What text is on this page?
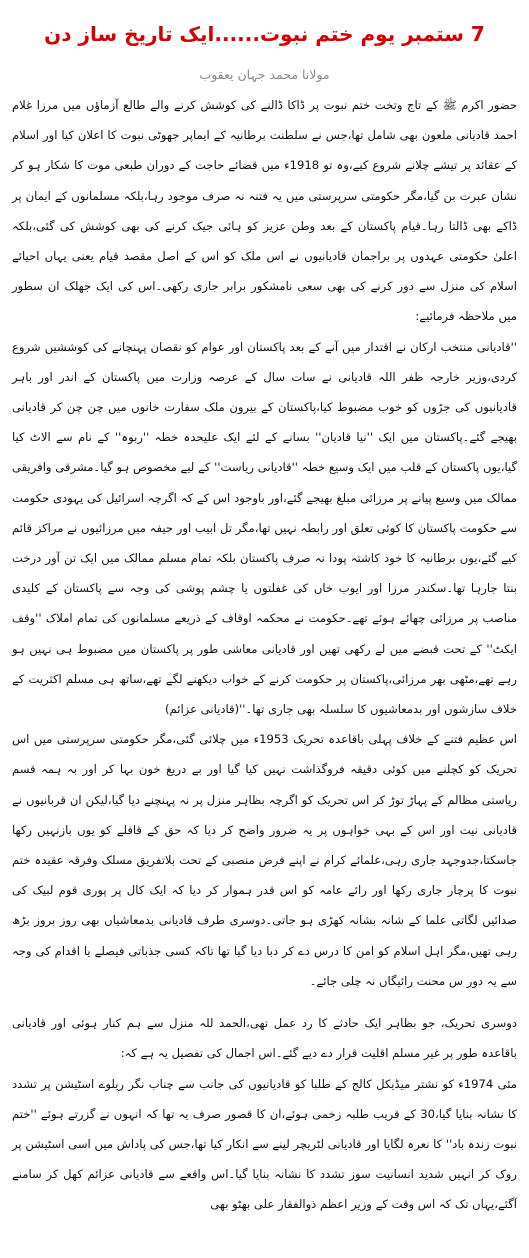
7 ستمبر یوم ختم نبوت......ایک تاریخ ساز دن
مولانا محمد جہان یعقوب

حضور اکرم ﷺ کے تاج وتخت ختم نبوت پر ڈاکا ڈالنے کی کوشش کرنے والے طالع آزماؤں میں مرزا غلام احمد قادیانی ملعون بھی شامل تھا،جس نے سلطنت برطانیہ کے ایماپر جھوٹی نبوت کا اعلان کیا اور اسلام کے عقائد پر تیشے چلانے شروع کیے،وہ تو 1918ء میں قضائے حاجت کے دوران طبعی موت کا شکار ہو کر نشان عبرت بن گیا،مگر حکومتی سرپرستی میں یہ فتنہ نہ صرف موجود رہا،بلکہ مسلمانوں کے ایمان پر ڈاکے بھی ڈالتا رہا۔قیام پاکستان کے بعد وطن عزیز کو ہائی جیک کرنے کی بھی کوشش کی گئی،بلکہ اعلیٰ حکومتی عہدوں پر براجمان قادیانیوں نے اس ملک کو اس کے اصل مقصد قیام یعنی یہاں احیائے اسلام کی منزل سے دور کرنے کی بھی سعی نامشکور برابر جاری رکھی۔اس کی ایک جھلک ان سطور میں ملاحظہ فرمائیے:

''قادیانی منتخب ارکان نے اقتدار میں آنے کے بعد پاکستان اور عوام کو نقصان پہنچانے کی کوششیں شروع کردی،وزیر خارجہ ظفر اللہ قادیانی نے سات سال کے عرصہ وزارت میں پاکستان کے اندر اور باہر قادیانیوں کی جڑوں کو خوب مضبوط کیا،پاکستان کے بیرون ملک سفارت خانوں میں چن چن کر قادیانی بھیجے گئے۔پاکستان میں ایک ''نیا قادیان'' بسانے کے لئے ایک علیحدہ خطہ ''ربوہ'' کے نام سے الاٹ کیا گیا،یوں پاکستان کے قلب میں ایک وسیع خطہ ''قادیانی ریاست'' کے لیے مخصوص ہو گیا۔مشرقی وافریقی ممالک میں وسیع پیانے پر مرزائی مبلغ بھیجے گئے،اور باوجود اس کے کہ اگرچہ اسرائیل کی یہودی حکومت سے حکومت پاکستان کا کوئی تعلق اور رابطہ نہیں تھا،مگر تل ابیب اور حیفہ میں مرزائیوں نے مراکز قائم کیے گئے،یوں برطانیہ کا خود کاشتہ پودا نہ صرف پاکستان بلکہ تمام مسلم ممالک میں ایک تن آور درخت بنتا جارہا تھا۔سکندر مرزا اور ایوب خاں کی غفلتوں یا چشم پوشی کی وجہ سے پاکستان کے کلیدی مناصب پر مرزائی چھائے ہوئے تھے۔حکومت نے محکمہ اوقاف کے ذریعے مسلمانوں کی تمام املاک ''وقف ایکٹ'' کے تحت قبضے میں لے رکھی تھیں اور قادیانی معاشی طور پر پاکستان میں مضبوط ہی نہیں ہو رہے تھے،مٹھی بھر مرزائی،پاکستان پر حکومت کرنے کے خواب دیکھنے لگے تھے،ساتھ ہی مسلم اکثریت کے خلاف سازشوں اور بدمعاشیوں کا سلسلہ بھی جاری تھا۔''(قادیانی عزائم)

اس عظیم فتنے کے خلاف پہلی باقاعدہ تحریک 1953ء میں چلائی گئی،مگر حکومتی سرپرستی میں اس تحریک کو کچلنے میں کوئی دقیقہ فروگذاشت نہیں کیا گیا اور بے دریغ خون بہا کر اور بہ ہمہ قسم ریاستی مظالم کے پہاڑ توڑ کر اس تحریک کو اگرچہ بظاہر منزل پر نہ پہنچنے دیا گیا،لیکن ان قربانیوں نے قادیانی نیت اور اس کے بہی خواہوں پر یہ ضرور واضح کر دیا کہ حق کے قافلے کو یوں بازنہیں رکھا جاسکتا،جدوجہد جاری رہی،علمائے کرام نے اپنے فرض منصبی کے تحت بلاتفریق مسلک وفرقہ عقیدہ ختم نبوت کا پرچار جاری رکھا اور رائے عامہ کو اس قدر ہموار کر دیا کہ ایک کال پر پوری قوم لبیک کی صدائیں لگاتی علما کے شانہ بشانہ کھڑی ہو جاتی۔دوسری طرف قادیانی بدمعاشیاں بھی روز بروز بڑھ رہی تھیں،مگر اہل اسلام کو امن کا درس دے کر دبا دیا گیا تھا تاکہ کسی جذباتی فیصلے یا اقدام کی وجہ سے یہ دور س محنت رائیگاں نہ چلی جائے۔

دوسری تحریک، جو بظاہر ایک حادثے کا رد عمل تھی،الحمد للہ منزل سے ہم کنار ہوئی اور قادیانی باقاعدہ طور پر غیر مسلم اقلیت قرار دے دیے گئے۔اس اجمال کی تفصیل یہ ہے کہ:

مئی 1974ء کو نشتر میڈیکل کالج کے طلبا کو قادیانیوں کی جانب سے چناب نگر ریلوے اسٹیشن پر تشدد کا نشانہ بنایا گیا،30 کے قریب طلبہ زخمی ہوئے،ان کا قصور صرف یہ تھا کہ انہوں نے گزرتے ہوئے ''ختم نبوت زندہ باد'' کا نعرہ لگایا اور قادیانی لٹریچر لینے سے انکار کیا تھا،جس کی پاداش میں اسی اسٹیشن پر روک کر انہیں شدید انسانیت سوز تشدد کا نشانہ بنایا گیا۔اس واقعے سے قادیانی عزائم کھل کر سامنے آگئے،یہاں تک کہ اس وقت کے وزیر اعظم ذوالفقار علی بھٹو بھی
